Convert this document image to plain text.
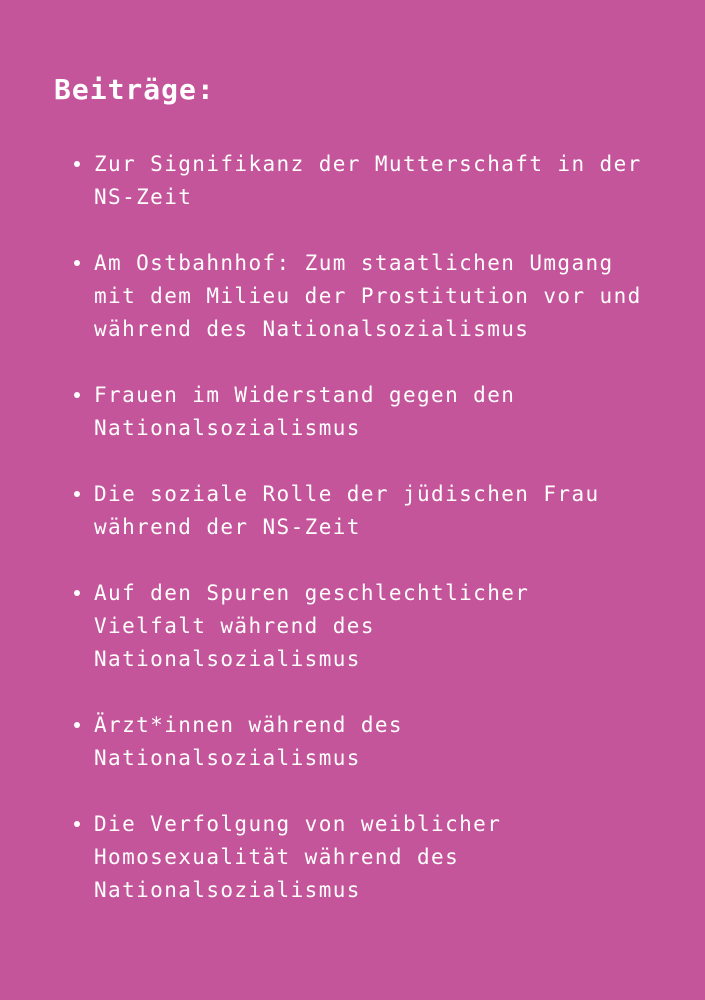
Beiträge:
Zur Signifikanz der Mutterschaft in der
NS-Zeit
Am Ostbahnhof: Zum staatlichen Umgang
mit dem Milieu der Prostitution vor und
während des Nationalsozialismus
Frauen im Widerstand gegen den
Nationalsozialismus
Die soziale Rolle der jüdischen Frau
während der NS-Zeit
Auf den Spuren geschlechtlicher
Vielfalt während des
Nationalsozialismus
Ärzt*innen während des
Nationalsozialismus
Die Verfolgung von weiblicher
Homosexualität während des
Nationalsozialismus
